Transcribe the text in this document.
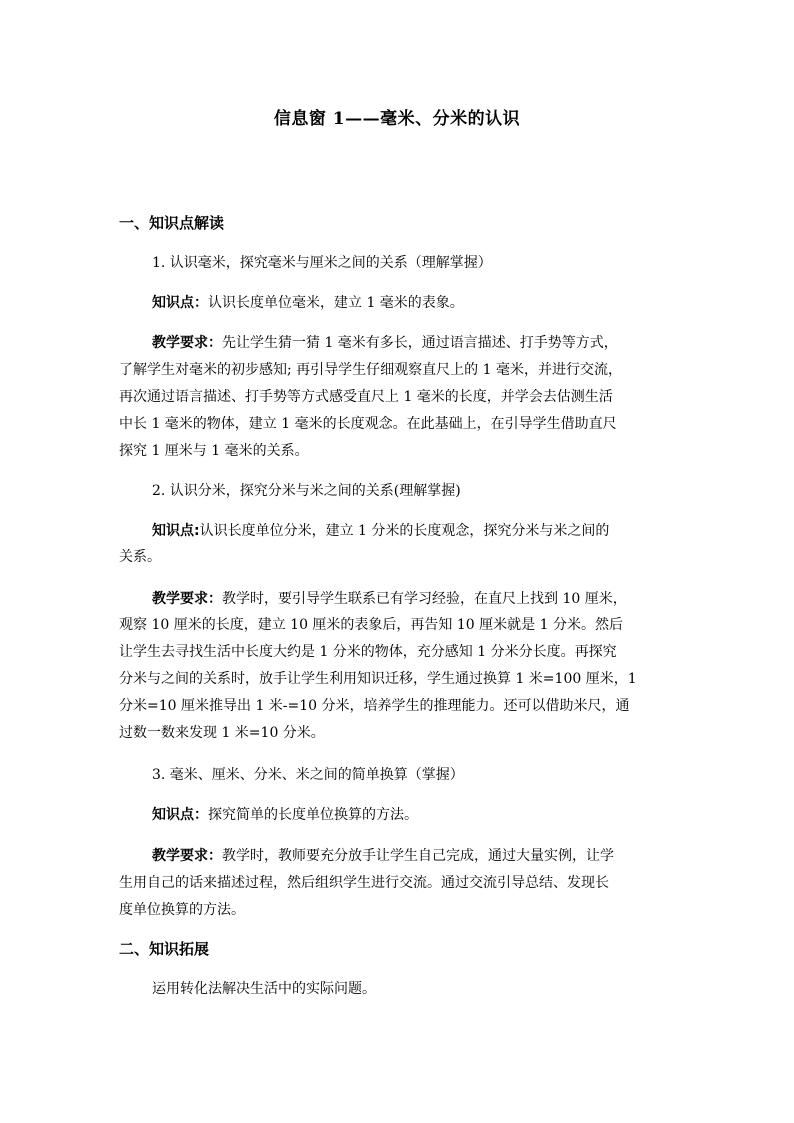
信息窗 1——毫米、分米的认识
一、知识点解读
1. 认识毫米，探究毫米与厘米之间的关系（理解掌握）
知识点：认识长度单位毫米，建立 1 毫米的表象。
教学要求：先让学生猜一猜 1 毫米有多长，通过语言描述、打手势等方式，
了解学生对毫米的初步感知; 再引导学生仔细观察直尺上的 1 毫米，并进行交流，
再次通过语言描述、打手势等方式感受直尺上 1 毫米的长度，并学会去估测生活
中长 1 毫米的物体，建立 1 毫米的长度观念。在此基础上，在引导学生借助直尺
探究 1 厘米与 1 毫米的关系。
2. 认识分米，探究分米与米之间的关系(理解掌握)
知识点:认识长度单位分米，建立 1 分米的长度观念，探究分米与米之间的
关系。
教学要求：教学时，要引导学生联系已有学习经验，在直尺上找到 10 厘米，
观察 10 厘米的长度，建立 10 厘米的表象后，再告知 10 厘米就是 1 分米。然后
让学生去寻找生活中长度大约是 1 分米的物体，充分感知 1 分米分长度。再探究
分米与之间的关系时，放手让学生利用知识迁移，学生通过换算 1 米=100 厘米，1
分米=10 厘米推导出 1 米-=10 分米，培养学生的推理能力。还可以借助米尺，通
过数一数来发现 1 米=10 分米。
3. 毫米、厘米、分米、米之间的简单换算（掌握）
知识点：探究简单的长度单位换算的方法。
教学要求：教学时，教师要充分放手让学生自己完成，通过大量实例，让学
生用自己的话来描述过程，然后组织学生进行交流。通过交流引导总结、发现长
度单位换算的方法。
二、知识拓展
运用转化法解决生活中的实际问题。
